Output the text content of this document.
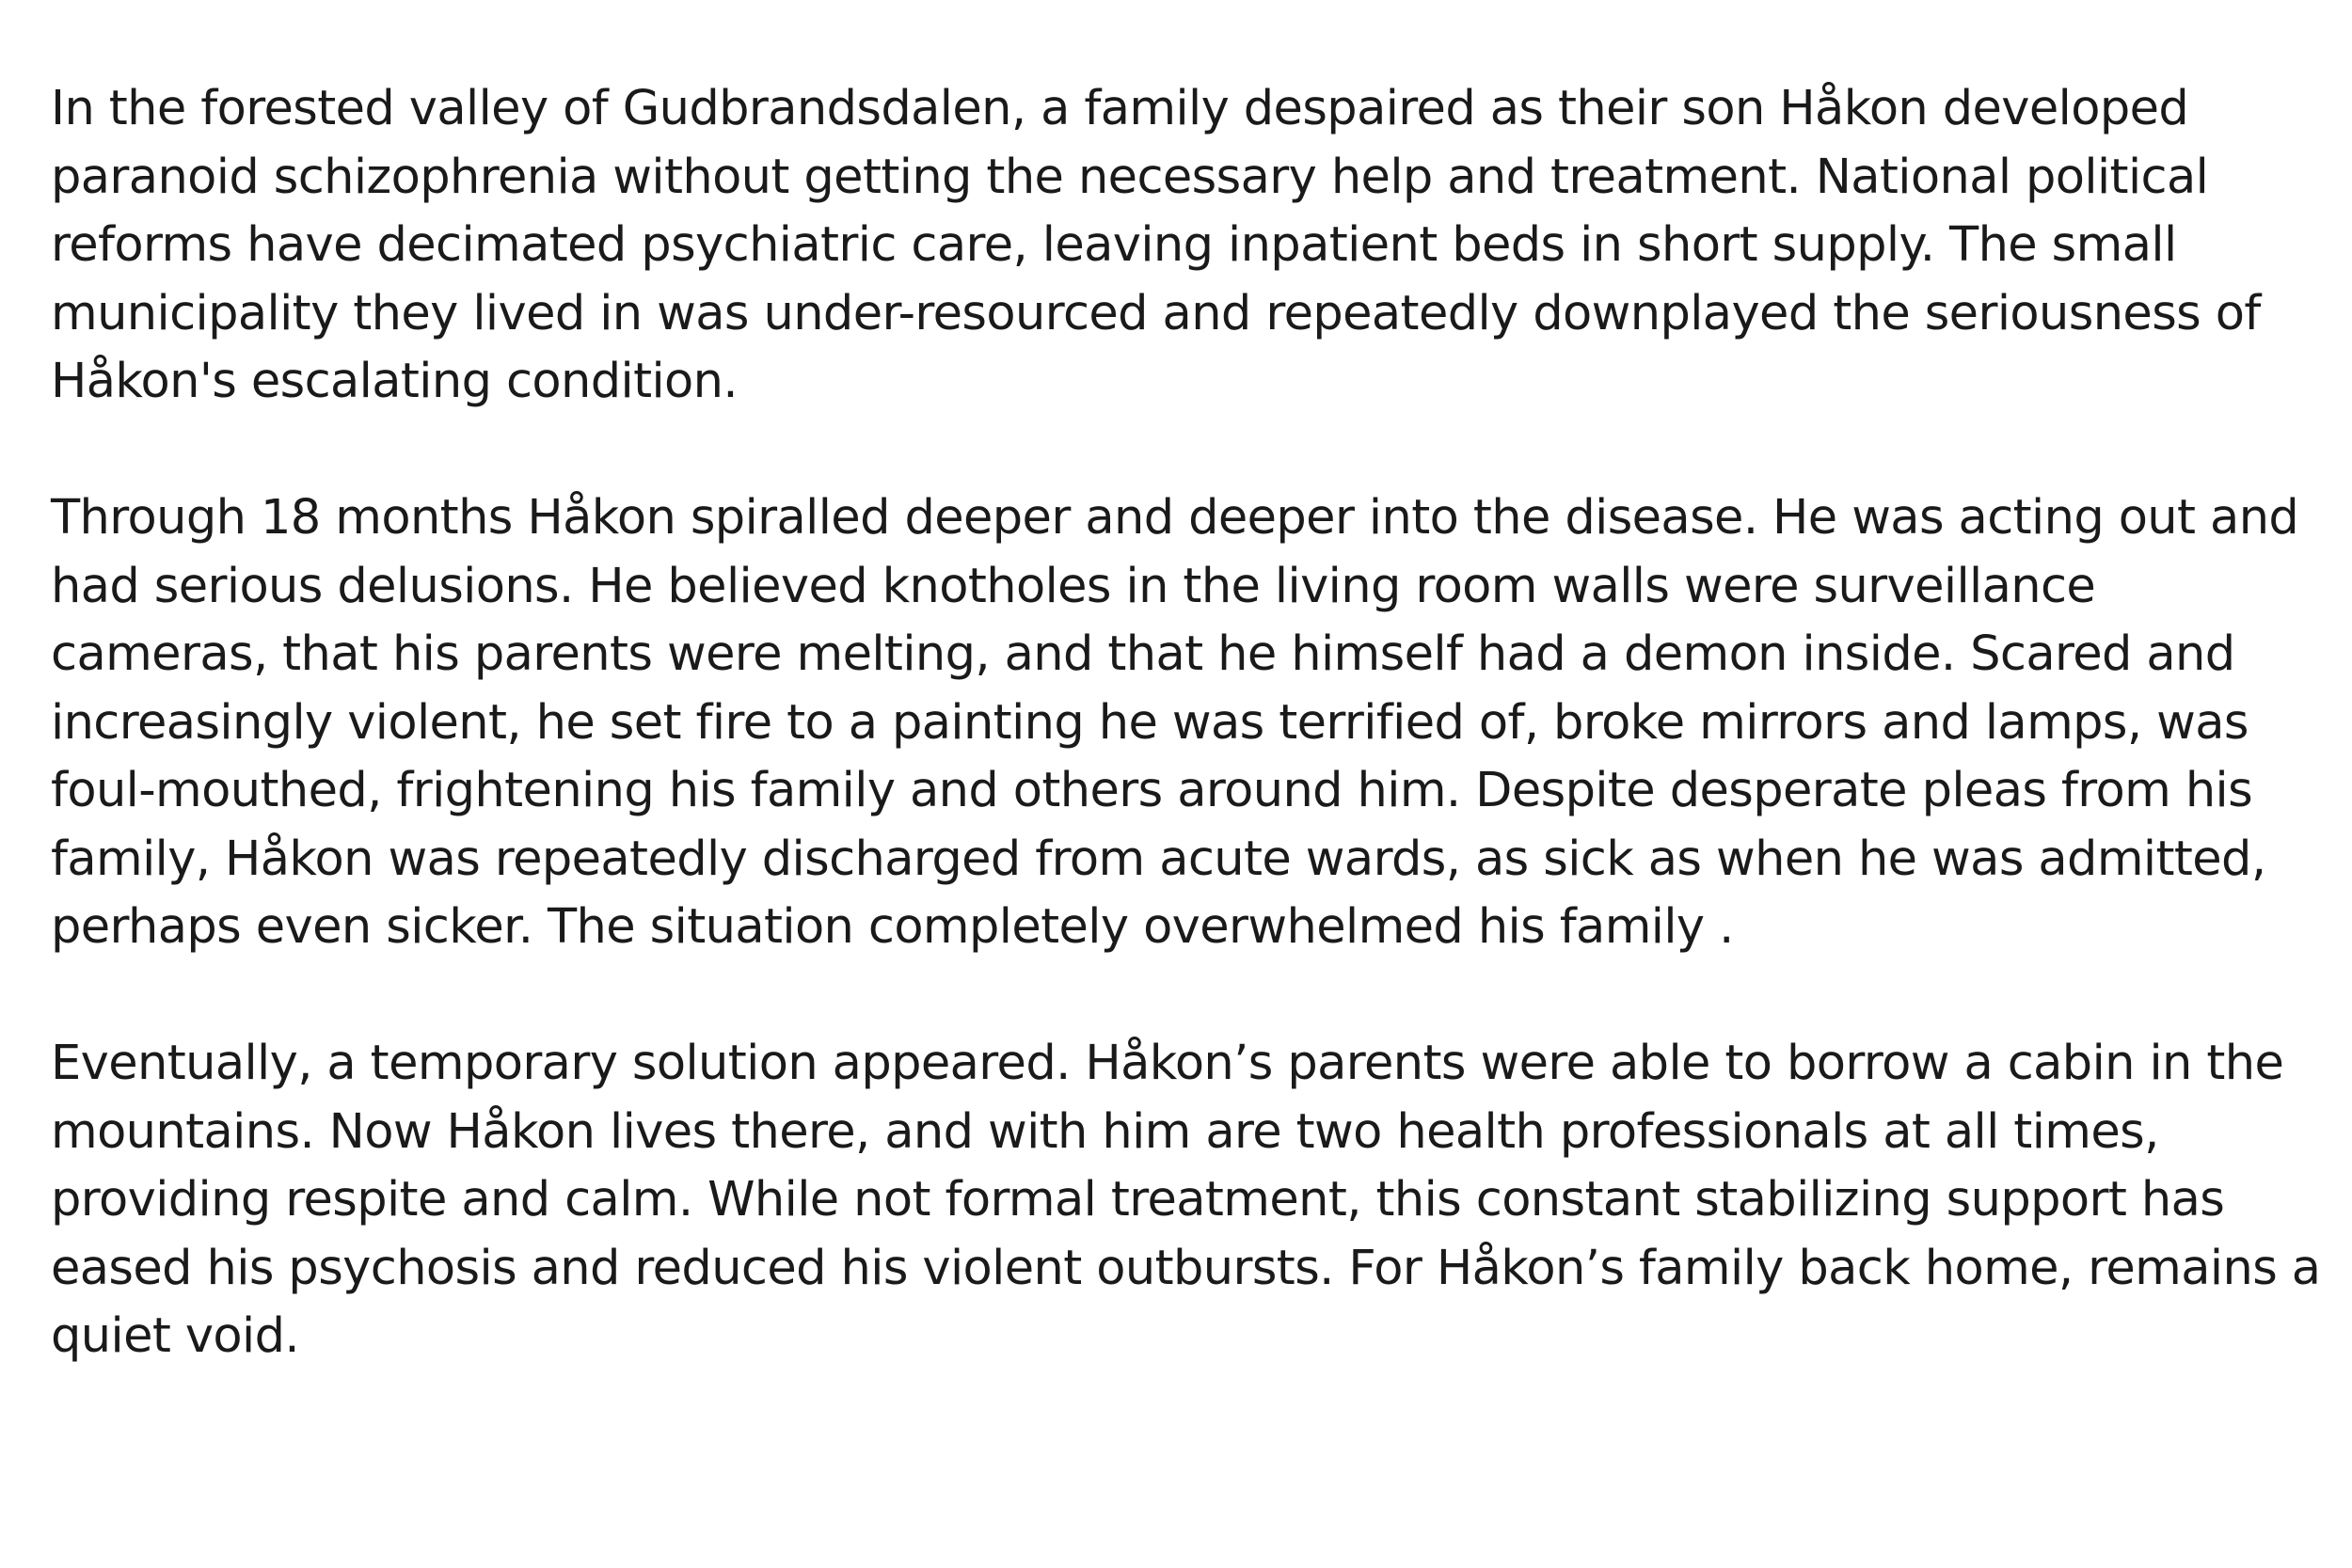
In the forested valley of Gudbrandsdalen, a family despaired as their son Håkon developed
paranoid schizophrenia without getting the necessary help and treatment. National political
reforms have decimated psychiatric care, leaving inpatient beds in short supply. The small
municipality they lived in was under-resourced and repeatedly downplayed the seriousness of
Håkon's escalating condition.

Through 18 months Håkon spiralled deeper and deeper into the disease. He was acting out and
had serious delusions. He believed knotholes in the living room walls were surveillance
cameras, that his parents were melting, and that he himself had a demon inside. Scared and
increasingly violent, he set fire to a painting he was terrified of, broke mirrors and lamps, was
foul-mouthed, frightening his family and others around him. Despite desperate pleas from his
family, Håkon was repeatedly discharged from acute wards, as sick as when he was admitted,
perhaps even sicker. The situation completely overwhelmed his family .

Eventually, a temporary solution appeared. Håkon’s parents were able to borrow a cabin in the
mountains. Now Håkon lives there, and with him are two health professionals at all times,
providing respite and calm. While not formal treatment, this constant stabilizing support has
eased his psychosis and reduced his violent outbursts. For Håkon’s family back home, remains a
quiet void.
